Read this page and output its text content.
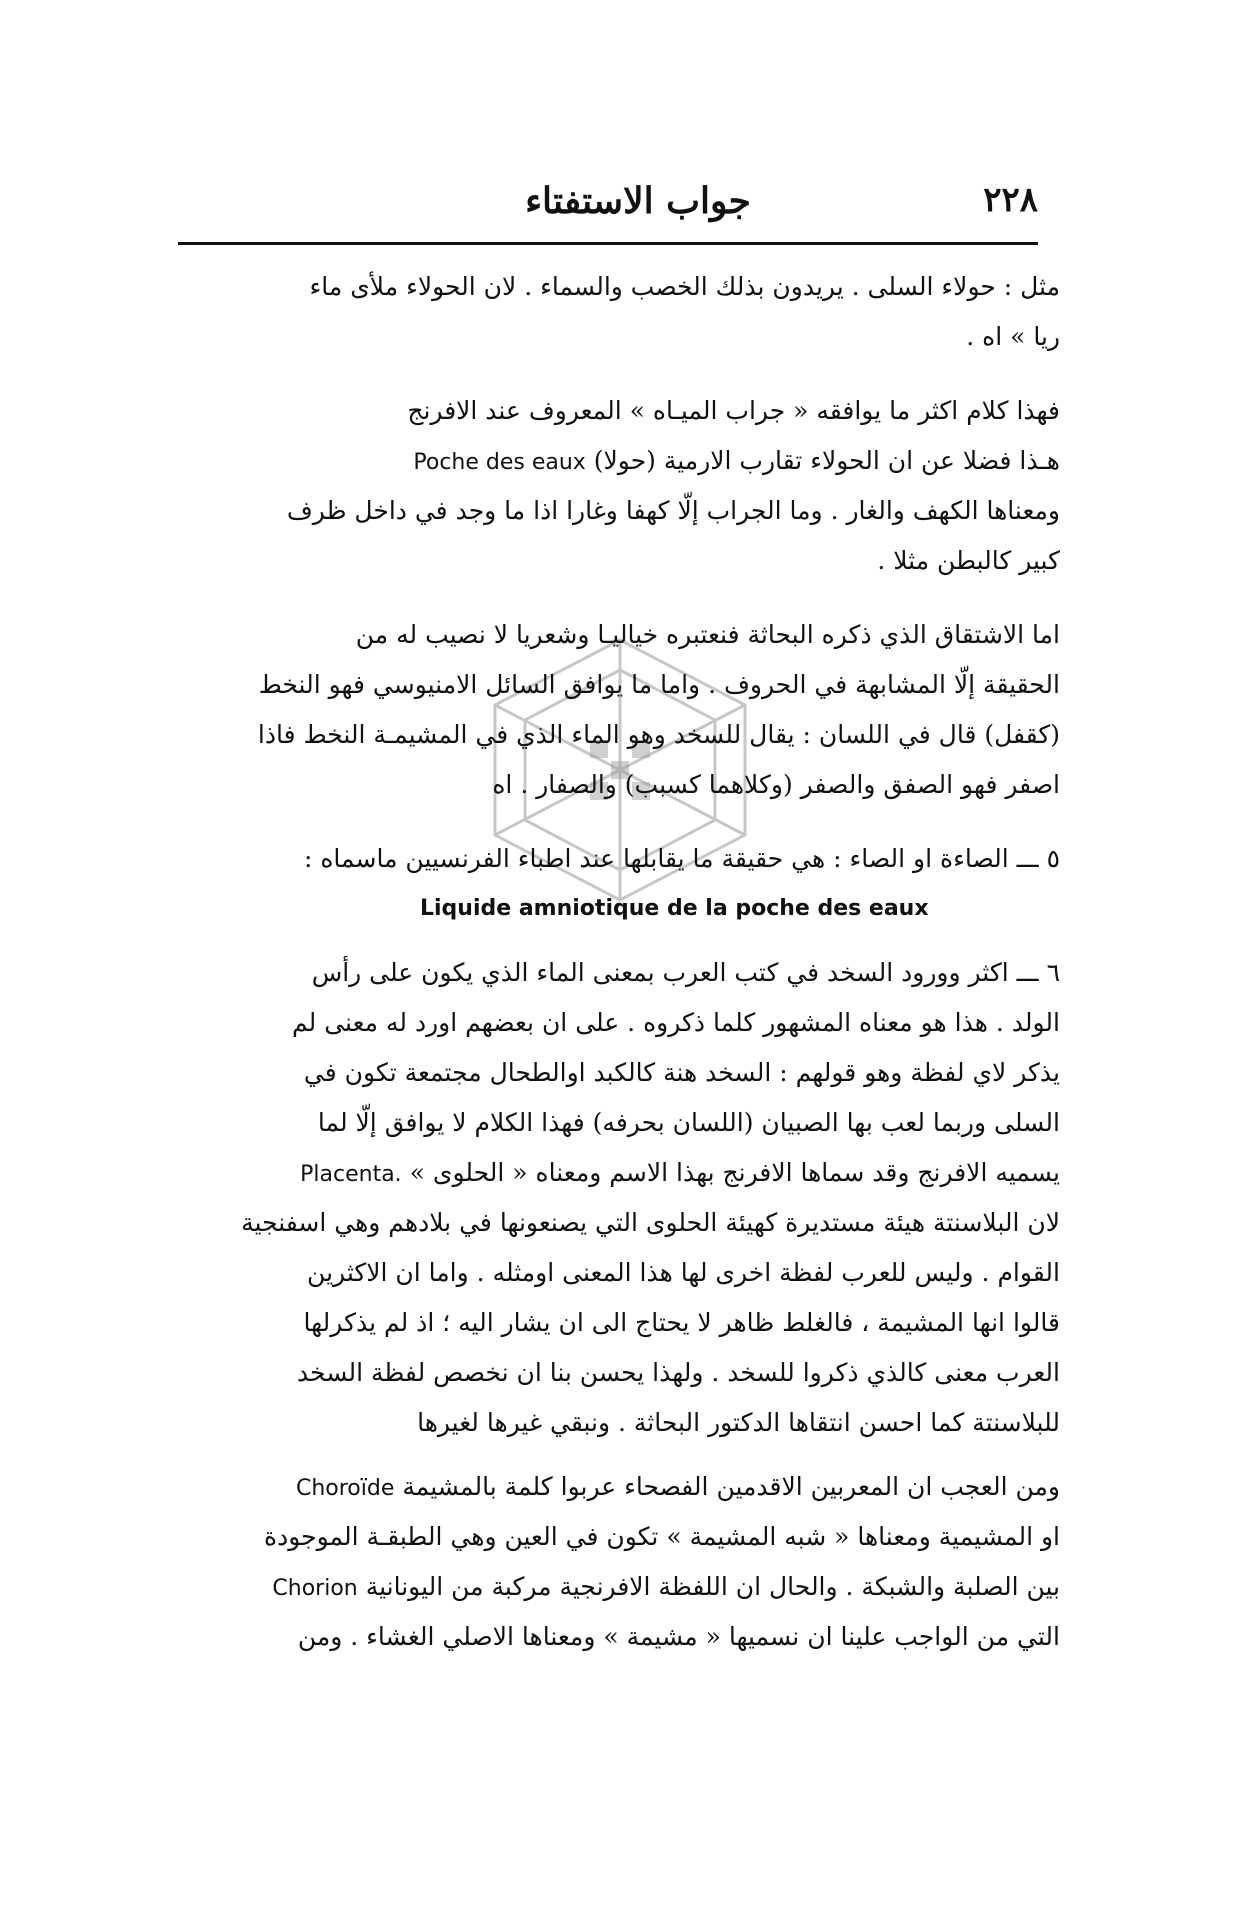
٢٢٨
جواب الاستفتاء
مثل : حولاء السلى . يريدون بذلك الخصب والسماء . لان الحولاء ملأى ماء
ريا » اه .
فهذا كلام اكثر ما يوافقه « جراب الميـاه » المعروف عند الافرنج
هـذا فضلا عن ان الحولاء تقارب الارمية (حولا) Poche des eaux
ومعناها الكهف والغار . وما الجراب إلّا كهفا وغارا اذا ما وجد في داخل ظرف
كبير كالبطن مثلا .
اما الاشتقاق الذي ذكره البحاثة فنعتبره خياليـا وشعريا لا نصيب له من
الحقيقة إلّا المشابهة في الحروف . واما ما يوافق السائل الامنيوسي فهو النخط
(كقفل) قال في اللسان : يقال للسخد وهو الماء الذي في المشيمـة النخط فاذا
اصفر فهو الصفق والصفر (وكلاهما كسبب) والصفار . اه
٥ ـــ الصاءة او الصاء : هي حقيقة ما يقابلها عند اطباء الفرنسيين ماسماه :
Liquide amniotique de la poche des eaux
٦ ـــ اكثر وورود السخد في كتب العرب بمعنى الماء الذي يكون على رأس
الولد . هذا هو معناه المشهور كلما ذكروه . على ان بعضهم اورد له معنى لم
يذكر لاي لفظة وهو قولهم : السخد هنة كالكبد اوالطحال مجتمعة تكون في
السلى وربما لعب بها الصبيان (اللسان بحرفه) فهذا الكلام لا يوافق إلّا لما
يسميه الافرنج وقد سماها الافرنج بهذا الاسم ومعناه « الحلوى » Placenta.
لان البلاسنتة هيئة مستديرة كهيئة الحلوى التي يصنعونها في بلادهم وهي اسفنجية
القوام . وليس للعرب لفظة اخرى لها هذا المعنى اومثله . واما ان الاكثرين
قالوا انها المشيمة ، فالغلط ظاهر لا يحتاج الى ان يشار اليه ؛ اذ لم يذكرلها
العرب معنى كالذي ذكروا للسخد . ولهذا يحسن بنا ان نخصص لفظة السخد
للبلاسنتة كما احسن انتقاها الدكتور البحاثة . ونبقي غيرها لغيرها
ومن العجب ان المعربين الاقدمين الفصحاء عربوا كلمة بالمشيمة Choroïde
او المشيمية ومعناها « شبه المشيمة » تكون في العين وهي الطبقـة الموجودة
بين الصلبة والشبكة . والحال ان اللفظة الافرنجية مركبة من اليونانية Chorion
التي من الواجب علينا ان نسميها « مشيمة » ومعناها الاصلي الغشاء . ومن
